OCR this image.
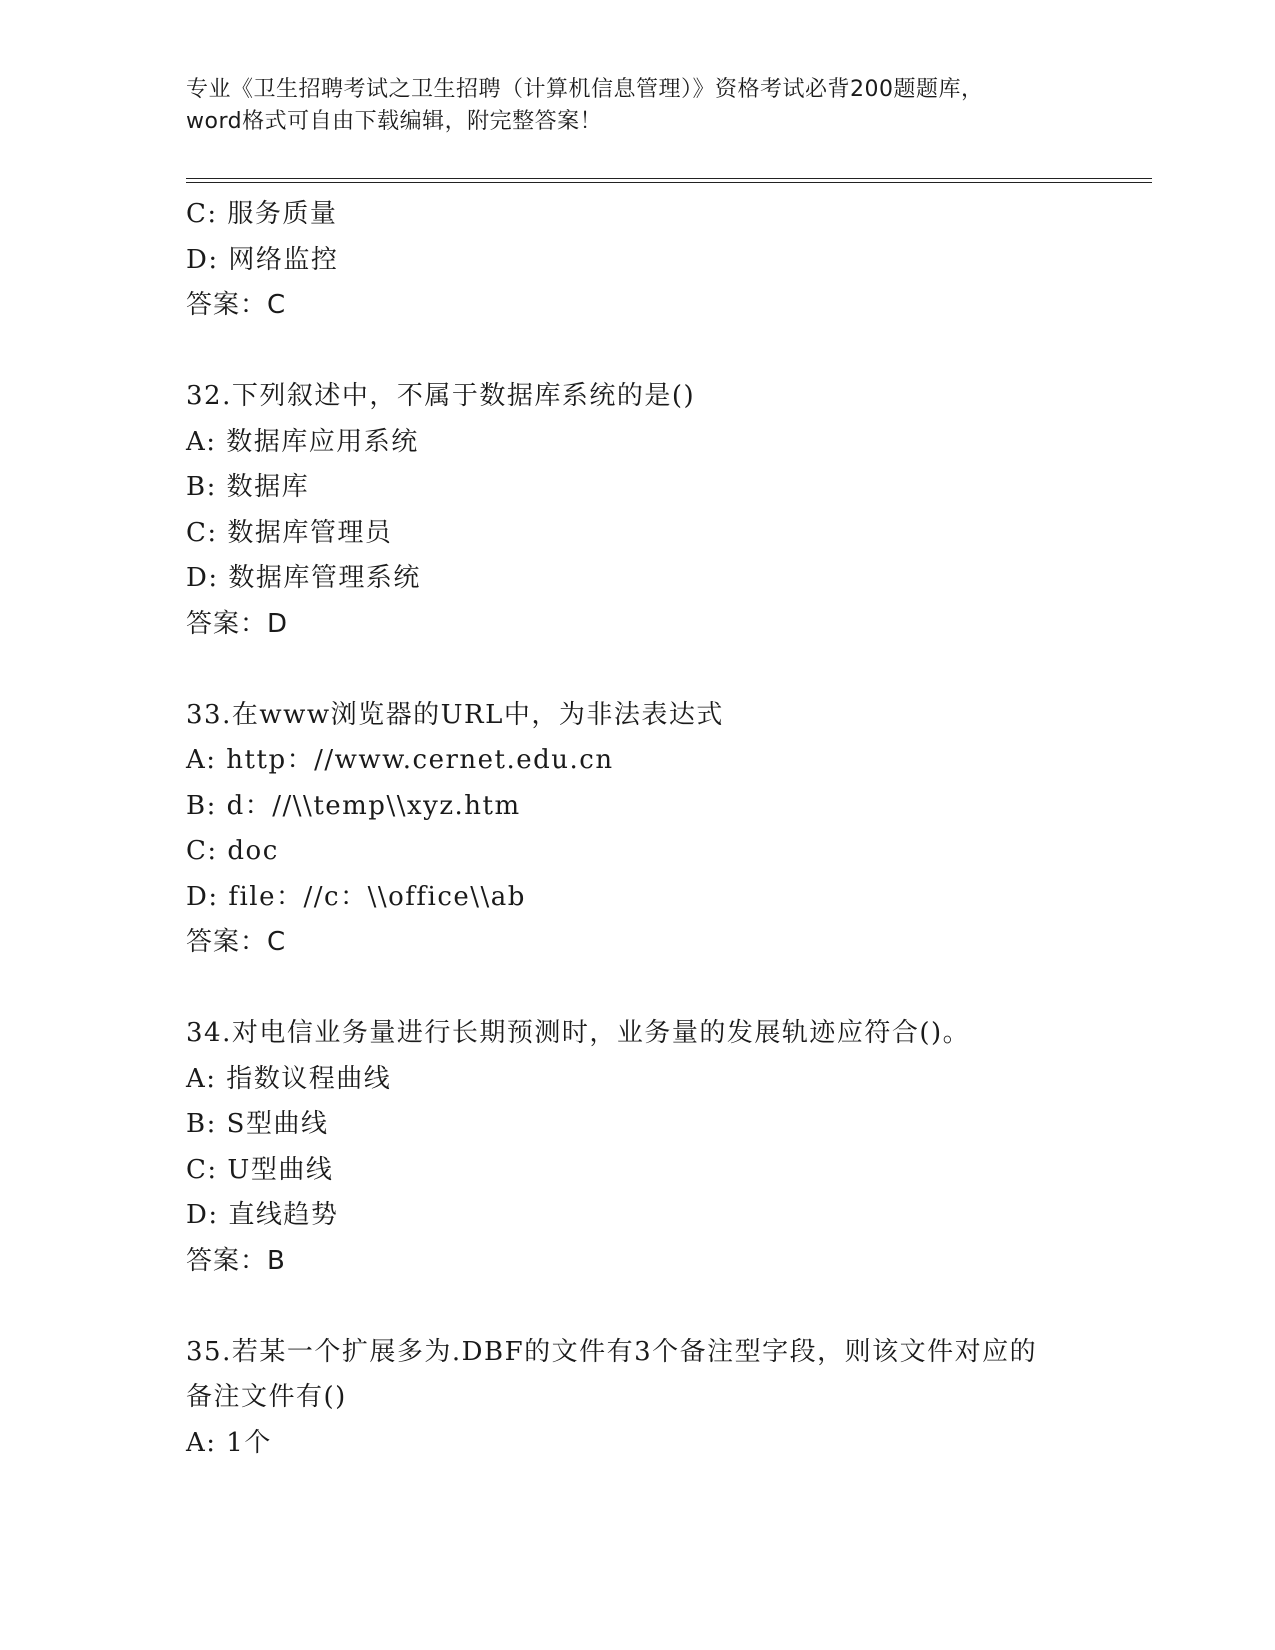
专业《卫生招聘考试之卫生招聘（计算机信息管理）》资格考试必背200题题库，
word格式可自由下载编辑，附完整答案！
C: 服务质量
D: 网络监控
答案：C
32.下列叙述中，不属于数据库系统的是()
A: 数据库应用系统
B: 数据库
C: 数据库管理员
D: 数据库管理系统
答案：D
33.在www浏览器的URL中，为非法表达式
A: http：//www.cernet.edu.cn
B: d：//\\temp\\xyz.htm
C: doc
D: file：//c：\\office\\ab
答案：C
34.对电信业务量进行长期预测时，业务量的发展轨迹应符合()。
A: 指数议程曲线
B: S型曲线
C: U型曲线
D: 直线趋势
答案：B
35.若某一个扩展多为.DBF的文件有3个备注型字段，则该文件对应的
备注文件有()
A: 1个
